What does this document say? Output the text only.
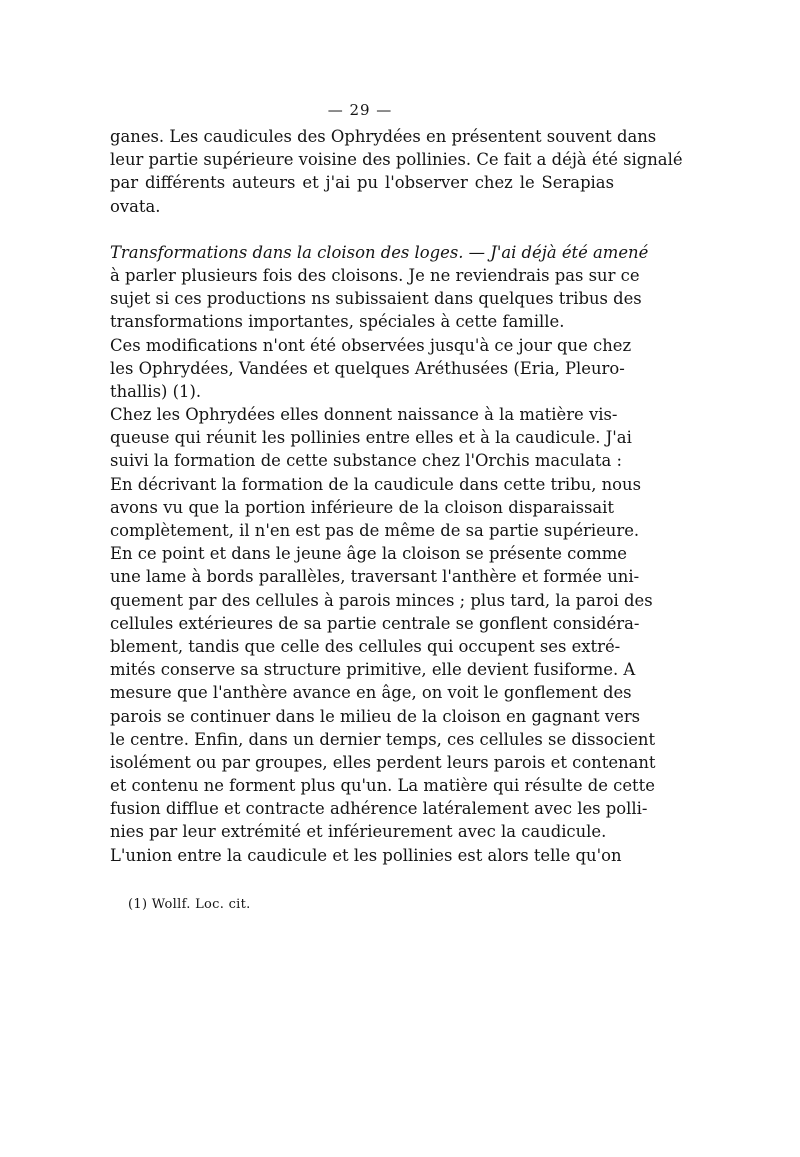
— 29 —
ganes. Les caudicules des Ophrydées en présentent souvent dans
leur partie supérieure voisine des pollinies. Ce fait a déjà été signalé
par différents auteurs et j'ai pu l'observer chez le Serapias
ovata.
Transformations dans la cloison des loges. — J'ai déjà été amené
à parler plusieurs fois des cloisons. Je ne reviendrais pas sur ce
sujet si ces productions ns subissaient dans quelques tribus des
transformations importantes, spéciales à cette famille.
Ces modifications n'ont été observées jusqu'à ce jour que chez
les Ophrydées, Vandées et quelques Aréthusées (Eria, Pleuro-
thallis) (1).
Chez les Ophrydées elles donnent naissance à la matière vis-
queuse qui réunit les pollinies entre elles et à la caudicule. J'ai
suivi la formation de cette substance chez l'Orchis maculata :
En décrivant la formation de la caudicule dans cette tribu, nous
avons vu que la portion inférieure de la cloison disparaissait
complètement, il n'en est pas de même de sa partie supérieure.
En ce point et dans le jeune âge la cloison se présente comme
une lame à bords parallèles, traversant l'anthère et formée uni-
quement par des cellules à parois minces ; plus tard, la paroi des
cellules extérieures de sa partie centrale se gonflent considéra-
blement, tandis que celle des cellules qui occupent ses extré-
mités conserve sa structure primitive, elle devient fusiforme. A
mesure que l'anthère avance en âge, on voit le gonflement des
parois se continuer dans le milieu de la cloison en gagnant vers
le centre. Enfin, dans un dernier temps, ces cellules se dissocient
isolément ou par groupes, elles perdent leurs parois et contenant
et contenu ne forment plus qu'un. La matière qui résulte de cette
fusion difflue et contracte adhérence latéralement avec les polli-
nies par leur extrémité et inférieurement avec la caudicule.
L'union entre la caudicule et les pollinies est alors telle qu'on
(1) Wollf. Loc. cit.
